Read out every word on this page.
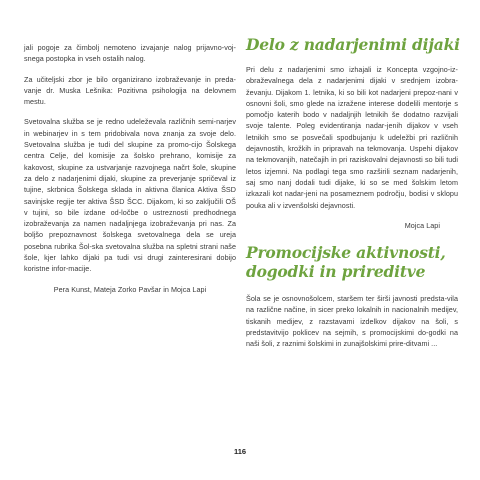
jali pogoje za čimbolj nemoteno izvajanje nalog prijavno-voj-snega postopka in vseh ostalih nalog.

Za učiteljski zbor je bilo organizirano izobraževanje in preda-vanje dr. Muska Lešnika: Pozitivna psihologija na delovnem mestu.

Svetovalna služba se je redno udeleževala različnih semi-narjev in webinarjev in s tem pridobivala nova znanja za svoje delo. Svetovalna služba je tudi del skupine za promo-cijo Šolskega centra Celje, del komisije za šolsko prehrano, komisije za kakovost, skupine za ustvarjanje razvojnega načrt šole, skupine za delo z nadarjenimi dijaki, skupine za preverjanje spričeval iz tujine, skrbnica Šolskega sklada in aktivna članica Aktiva ŠSD savinjske regije ter aktiva ŠSD ŠCC. Dijakom, ki so zaključili OŠ v tujini, so bile izdane od-ločbe o ustreznosti predhodnega izobraževanja za namen nadaljnjega izobraževanja pri nas. Za boljšo prepoznavnost šolskega svetovalnega dela se ureja posebna rubrika Šol-ska svetovalna služba na spletni strani naše šole, kjer lahko dijaki pa tudi vsi drugi zainteresirani dobijo koristne infor-macije.

Pera Kunst, Mateja Zorko Pavšar in Mojca Lapi

Delo z nadarjenimi dijaki

Pri delu z nadarjenimi smo izhajali iz Koncepta vzgojno-iz-obraževalnega dela z nadarjenimi dijaki v srednjem izobra-ževanju. Dijakom 1. letnika, ki so bili kot nadarjeni prepoz-nani v osnovni šoli, smo glede na izražene interese dodelili mentorje s pomočjo katerih bodo v nadaljnjih letnikih še dodatno razvijali svoje talente. Poleg evidentiranja nadar-jenih dijakov v vseh letnikih smo se posvečali spodbujanju k udeležbi pri različnih dejavnostih, krožkih in pripravah na tekmovanja. Uspehi dijakov na tekmovanjih, natečajih in pri raziskovalni dejavnosti so bili tudi letos izjemni. Na podlagi tega smo razširili seznam nadarjenih, saj smo nanj dodali tudi dijake, ki so se med šolskim letom izkazali kot nadar-jeni na posameznem področju, bodisi v sklopu pouka ali v izvenšolski dejavnosti.

Mojca Lapi

Promocijske aktivnosti, dogodki in prireditve

Šola se je osnovnošolcem, staršem ter širši javnosti predsta-vila na različne načine, in sicer preko lokalnih in nacionalnih medijev, tiskanih medijev, z razstavami izdelkov dijakov na šoli, s predstavitvijo poklicev na sejmih, s promocijskimi do-godki na naši šoli, z raznimi šolskimi in zunajšolskimi prire-ditvami ...

116
